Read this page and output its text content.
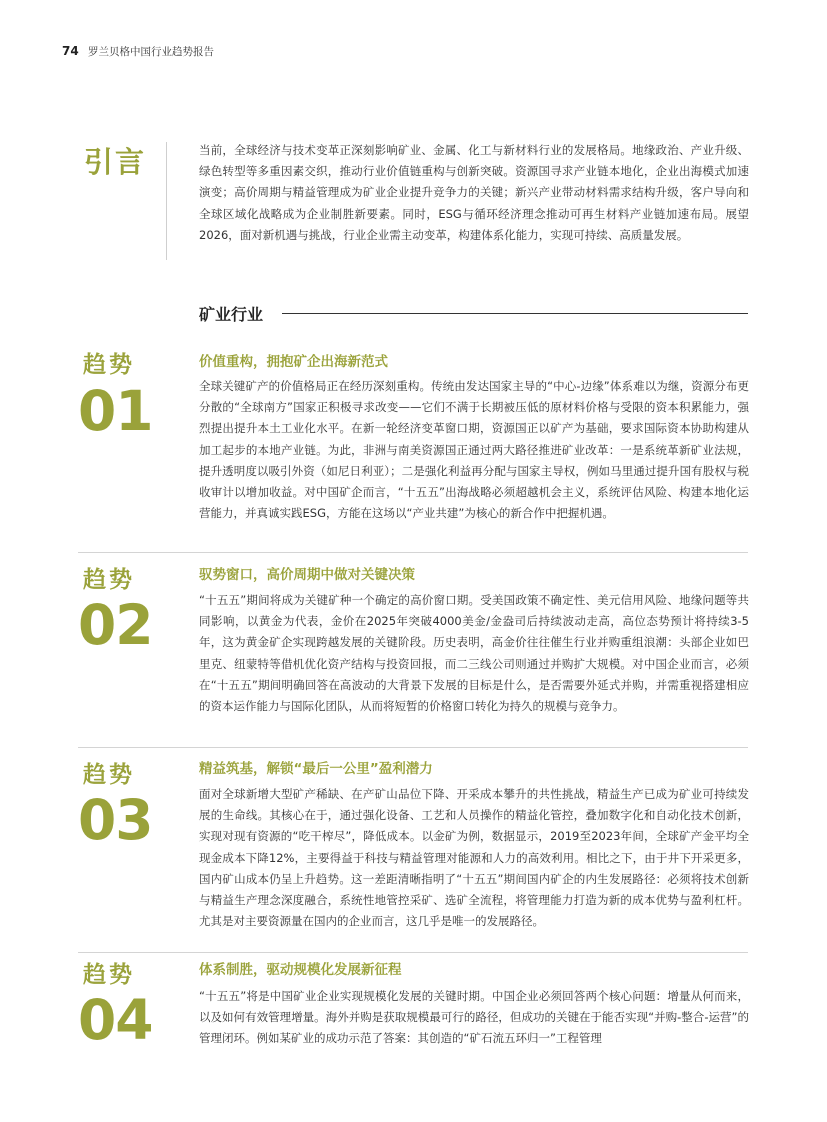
74 罗兰贝格中国行业趋势报告
引言	当前，全球经济与技术变革正深刻影响矿业、金属、化工与新材料行业的发展格局。地缘政治、产业升级、绿色转型等多重因素交织，推动行业价值链重构与创新突破。资源国寻求产业链本地化，企业出海模式加速演变；高价周期与精益管理成为矿业企业提升竞争力的关键；新兴产业带动材料需求结构升级，客户导向和全球区域化战略成为企业制胜新要素。同时，ESG与循环经济理念推动可再生材料产业链加速布局。展望2026，面对新机遇与挑战，行业企业需主动变革，构建体系化能力，实现可持续、高质量发展。

矿业行业
趋势
01
价值重构，拥抱矿企出海新范式

全球关键矿产的价值格局正在经历深刻重构。传统由发达国家主导的“中心-边缘”体系难以为继，资源分布更分散的“全球南方”国家正积极寻求改变——它们不满于长期被压低的原材料价格与受限的资本积累能力，强烈提出提升本土工业化水平。在新一轮经济变革窗口期，资源国正以矿产为基础，要求国际资本协助构建从加工起步的本地产业链。为此，非洲与南美资源国正通过两大路径推进矿业改革：一是系统革新矿业法规，提升透明度以吸引外资（如尼日利亚）；二是强化利益再分配与国家主导权，例如马里通过提升国有股权与税收审计以增加收益。对中国矿企而言，“十五五”出海战略必须超越机会主义，系统评估风险、构建本地化运营能力，并真诚实践ESG，方能在这场以“产业共建”为核心的新合作中把握机遇。

趋势
02
驭势窗口，高价周期中做对关键决策

“十五五”期间将成为关键矿种一个确定的高价窗口期。受美国政策不确定性、美元信用风险、地缘问题等共同影响，以黄金为代表，金价在2025年突破4000美金/金盎司后持续波动走高，高位态势预计将持续3-5年，这为黄金矿企实现跨越发展的关键阶段。历史表明，高金价往往催生行业并购重组浪潮：头部企业如巴里克、纽蒙特等借机优化资产结构与投资回报，而二三线公司则通过并购扩大规模。对中国企业而言，必须在“十五五”期间明确回答在高波动的大背景下发展的目标是什么，是否需要外延式并购，并需重视搭建相应的资本运作能力与国际化团队，从而将短暂的价格窗口转化为持久的规模与竞争力。

趋势
03
精益筑基，解锁“最后一公里”盈利潜力

面对全球新增大型矿产稀缺、在产矿山品位下降、开采成本攀升的共性挑战，精益生产已成为矿业可持续发展的生命线。其核心在于，通过强化设备、工艺和人员操作的精益化管控，叠加数字化和自动化技术创新，实现对现有资源的“吃干榨尽”，降低成本。以金矿为例，数据显示，2019至2023年间，全球矿产金平均全现金成本下降12%，主要得益于科技与精益管理对能源和人力的高效利用。相比之下，由于井下开采更多，国内矿山成本仍呈上升趋势。这一差距清晰指明了“十五五”期间国内矿企的内生发展路径：必须将技术创新与精益生产理念深度融合，系统性地管控采矿、选矿全流程，将管理能力打造为新的成本优势与盈利杠杆。尤其是对主要资源量在国内的企业而言，这几乎是唯一的发展路径。

趋势
04
体系制胜，驱动规模化发展新征程

“十五五”将是中国矿业企业实现规模化发展的关键时期。中国企业必须回答两个核心问题：增量从何而来，以及如何有效管理增量。海外并购是获取规模最可行的路径，但成功的关键在于能否实现“并购-整合-运营”的管理闭环。例如某矿业的成功示范了答案：其创造的“矿石流五环归一”工程管理
